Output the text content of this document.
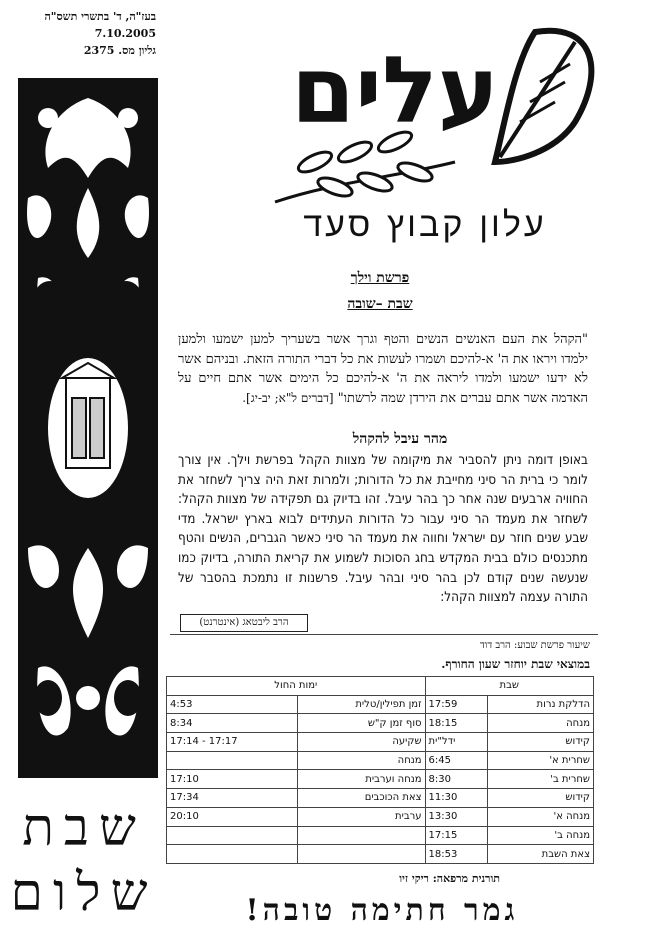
בעז"ה, ד' בתשרי תשס"ה
7.10.2005
גליון מס. 2375
שבת
שלום
עלים
עלון קבוץ סעד
פרשת וילך
שבת –שובה
"הקהל את העם האנשים הנשים והטף וגרך אשר בשעריך למען ישמעו ולמען ילמדו ויראו את ה' א-להיכם ושמרו לעשות את כל דברי התורה הזאת. ובניהם אשר לא ידעו ישמעו ולמדו ליראה את ה' א-להיכם כל הימים אשר אתם חיים על האדמה אשר אתם עברים את הירדן שמה לרשתו" [דברים ל"א; יב-יג].
מהר עיבל להקהל
באופן דומה ניתן להסביר את מיקומה של מצוות הקהל בפרשת וילך. אין צורך לומר כי ברית הר סיני מחייבת את כל הדורות; ולמרות זאת היה צריך לשחזר את החוויה ארבעים שנה אחר כך בהר עיבל. זהו בדיוק גם תפקידה של מצוות הקהל: לשחזר את מעמד הר סיני עבור כל הדורות העתידים לבוא בארץ ישראל. מדי שבע שנים חוזר עם ישראל וחווה את מעמד הר סיני כאשר הגברים, הנשים והטף מתכנסים כולם בבית המקדש בחג הסוכות לשמוע את קריאת התורה, בדיוק כמו שנעשה שנים קודם לכן בהר סיני ובהר עיבל. פרשנות זו נתמכת בהסבר של התורה עצמה למצוות הקהל:
הרב ליבטאג (אינטרנט)
שיעור פרשת שבוע: הרב דוד
במוצאי שבת יוחזר שעון החורף.
ימות החול		שבת	
4:53	זמן תפילין/טלית	17:59	הדלקת נרות
8:34	סוף זמן ק"ש	18:15	מנחה
17:14 - 17:17	שקיעה	ידל"ית	קידוש
	מנחה	6:45	שחרית א'
17:10	מנחה וערבית	8:30	שחרית ב'
17:34	צאת הכוכבים	11:30	קידוש
20:10	ערבית	13:30	מנחה א'
		17:15	מנחה ב'
		18:53	צאת השבת
תורנית מרפאה: ריקי זיו
גמר חתימה טובה!
